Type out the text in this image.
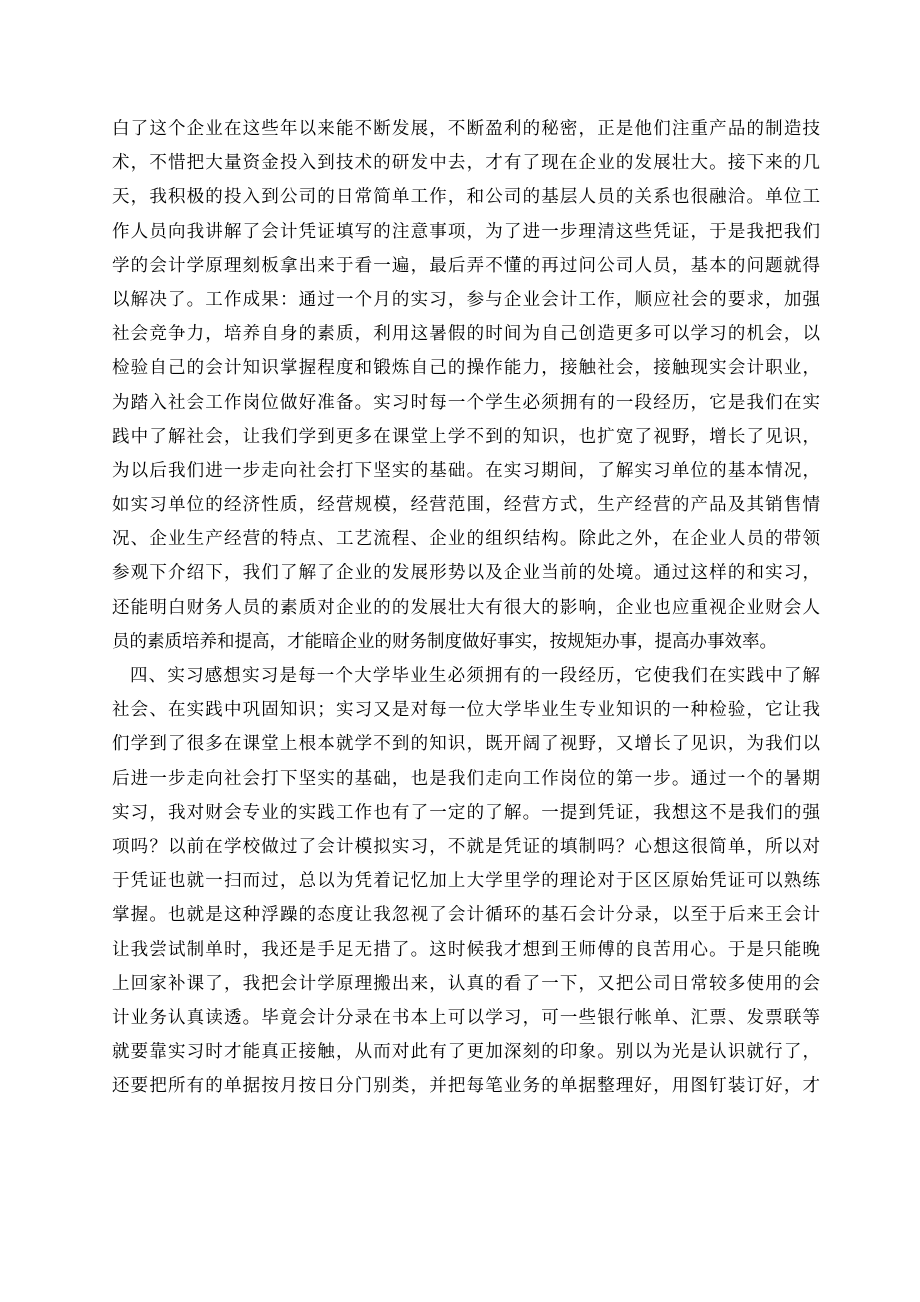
白了这个企业在这些年以来能不断发展，不断盈利的秘密，正是他们注重产品的制造技
术，不惜把大量资金投入到技术的研发中去，才有了现在企业的发展壮大。接下来的几
天，我积极的投入到公司的日常简单工作，和公司的基层人员的关系也很融洽。单位工
作人员向我讲解了会计凭证填写的注意事项，为了进一步理清这些凭证，于是我把我们
学的会计学原理刻板拿出来于看一遍，最后弄不懂的再过问公司人员，基本的问题就得
以解决了。工作成果：通过一个月的实习，参与企业会计工作，顺应社会的要求，加强
社会竞争力，培养自身的素质，利用这暑假的时间为自己创造更多可以学习的机会，以
检验自己的会计知识掌握程度和锻炼自己的操作能力，接触社会，接触现实会计职业，
为踏入社会工作岗位做好准备。实习时每一个学生必须拥有的一段经历，它是我们在实
践中了解社会，让我们学到更多在课堂上学不到的知识，也扩宽了视野，增长了见识，
为以后我们进一步走向社会打下坚实的基础。在实习期间，了解实习单位的基本情况，
如实习单位的经济性质，经营规模，经营范围，经营方式，生产经营的产品及其销售情
况、企业生产经营的特点、工艺流程、企业的组织结构。除此之外，在企业人员的带领
参观下介绍下，我们了解了企业的发展形势以及企业当前的处境。通过这样的和实习，
还能明白财务人员的素质对企业的的发展壮大有很大的影响，企业也应重视企业财会人
员的素质培养和提高，才能暗企业的财务制度做好事实，按规矩办事，提高办事效率。
四、实习感想实习是每一个大学毕业生必须拥有的一段经历，它使我们在实践中了解
社会、在实践中巩固知识；实习又是对每一位大学毕业生专业知识的一种检验，它让我
们学到了很多在课堂上根本就学不到的知识，既开阔了视野，又增长了见识，为我们以
后进一步走向社会打下坚实的基础，也是我们走向工作岗位的第一步。通过一个的暑期
实习，我对财会专业的实践工作也有了一定的了解。一提到凭证，我想这不是我们的强
项吗？以前在学校做过了会计模拟实习，不就是凭证的填制吗？心想这很简单，所以对
于凭证也就一扫而过，总以为凭着记忆加上大学里学的理论对于区区原始凭证可以熟练
掌握。也就是这种浮躁的态度让我忽视了会计循环的基石会计分录，以至于后来王会计
让我尝试制单时，我还是手足无措了。这时候我才想到王师傅的良苦用心。于是只能晚
上回家补课了，我把会计学原理搬出来，认真的看了一下，又把公司日常较多使用的会
计业务认真读透。毕竟会计分录在书本上可以学习，可一些银行帐单、汇票、发票联等
就要靠实习时才能真正接触，从而对此有了更加深刻的印象。别以为光是认识就行了，
还要把所有的单据按月按日分门别类，并把每笔业务的单据整理好，用图钉装订好，才
